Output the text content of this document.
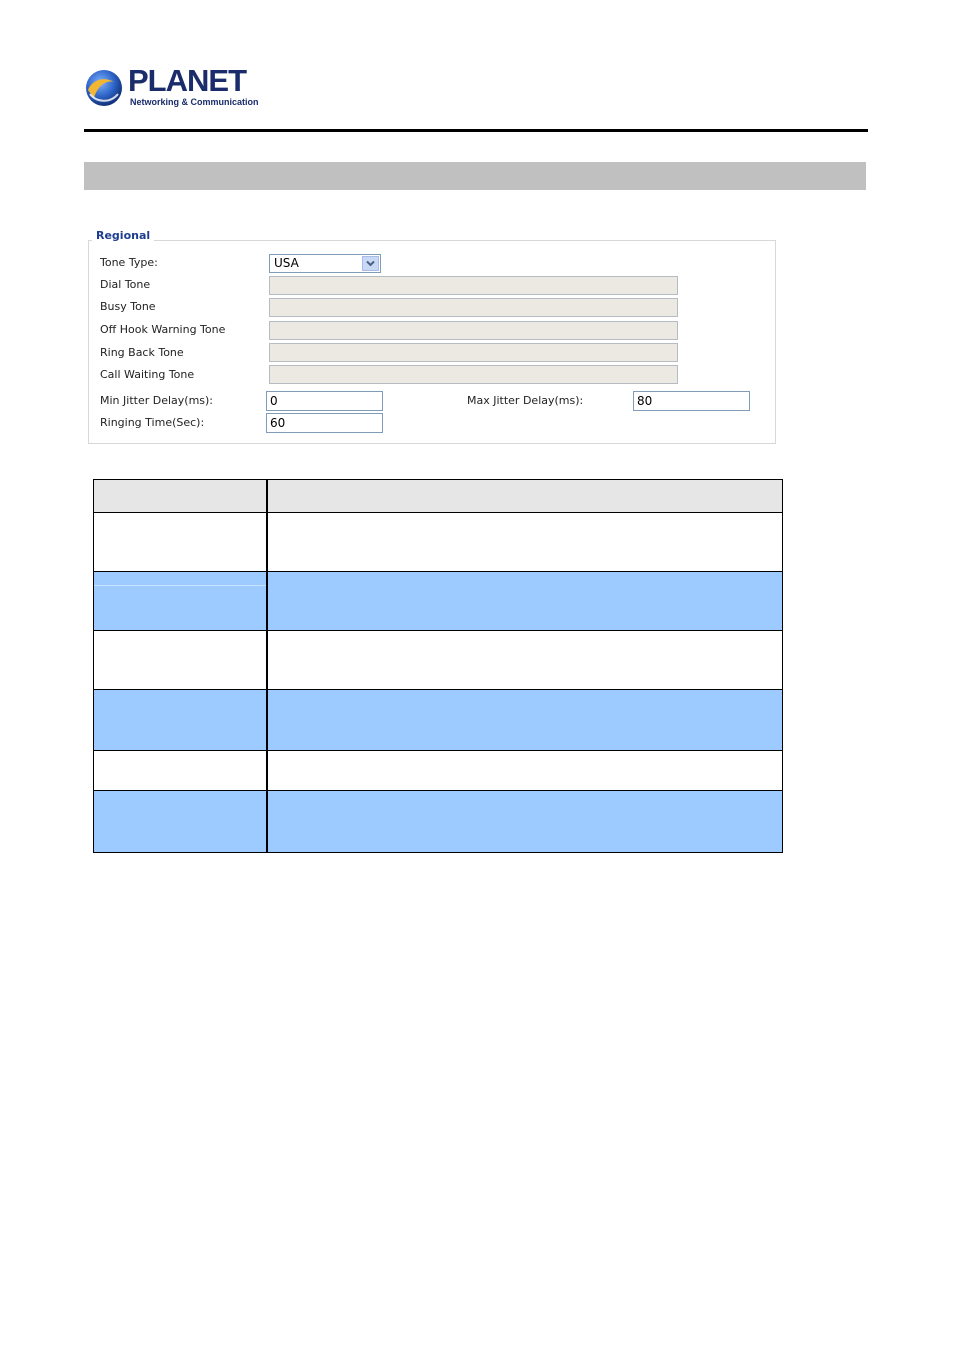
PLANET
Networking & Communication
Regional
Tone Type:	USA
Dial Tone
Busy Tone
Off Hook Warning Tone
Ring Back Tone
Call Waiting Tone
Min Jitter Delay(ms):	0	Max Jitter Delay(ms):	80
Ringing Time(Sec):	60
